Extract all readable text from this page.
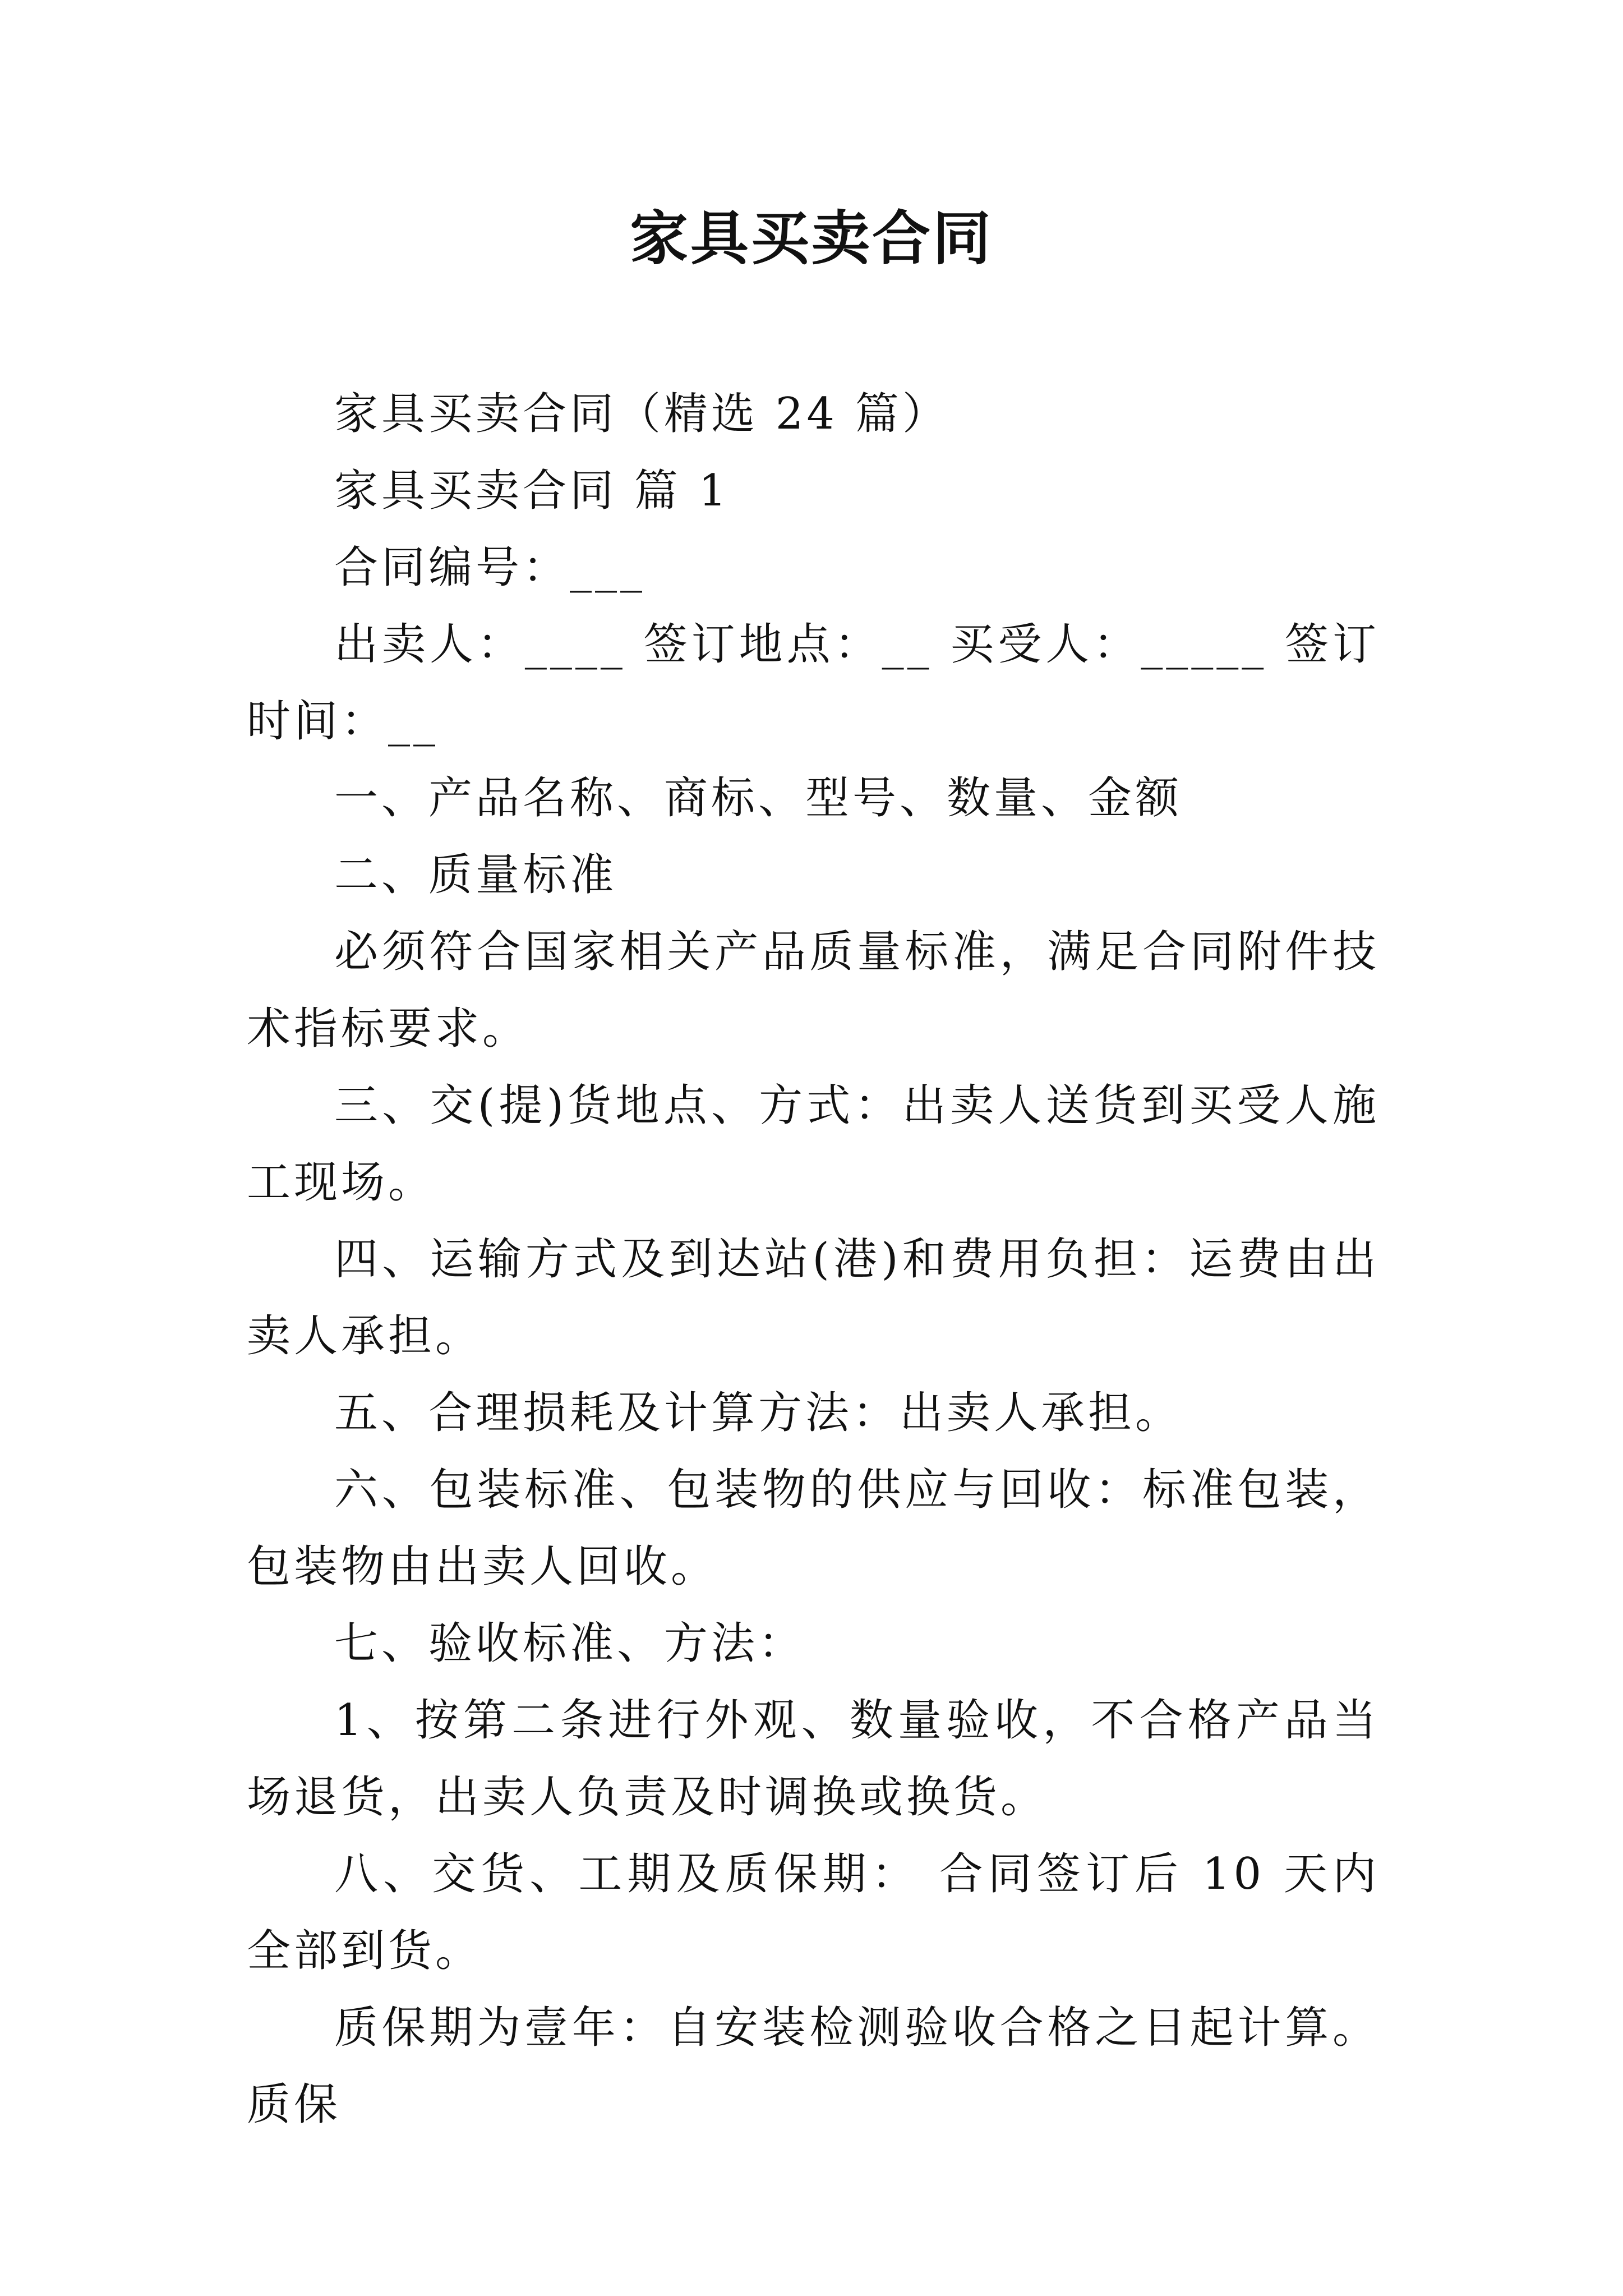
家具买卖合同

家具买卖合同（精选 24 篇）

家具买卖合同 篇 1

合同编号：___

出卖人：____ 签订地点：__ 买受人：_____ 签订时间：__

一、产品名称、商标、型号、数量、金额

二、质量标准

必须符合国家相关产品质量标准，满足合同附件技术指标要求。

三、交(提)货地点、方式：出卖人送货到买受人施工现场。

四、运输方式及到达站(港)和费用负担：运费由出卖人承担。

五、合理损耗及计算方法：出卖人承担。

六、包装标准、包装物的供应与回收：标准包装，包装物由出卖人回收。

七、验收标准、方法：

1、按第二条进行外观、数量验收，不合格产品当场退货，出卖人负责及时调换或换货。

八、交货、工期及质保期： 合同签订后 10 天内全部到货。

质保期为壹年：自安装检测验收合格之日起计算。质保
